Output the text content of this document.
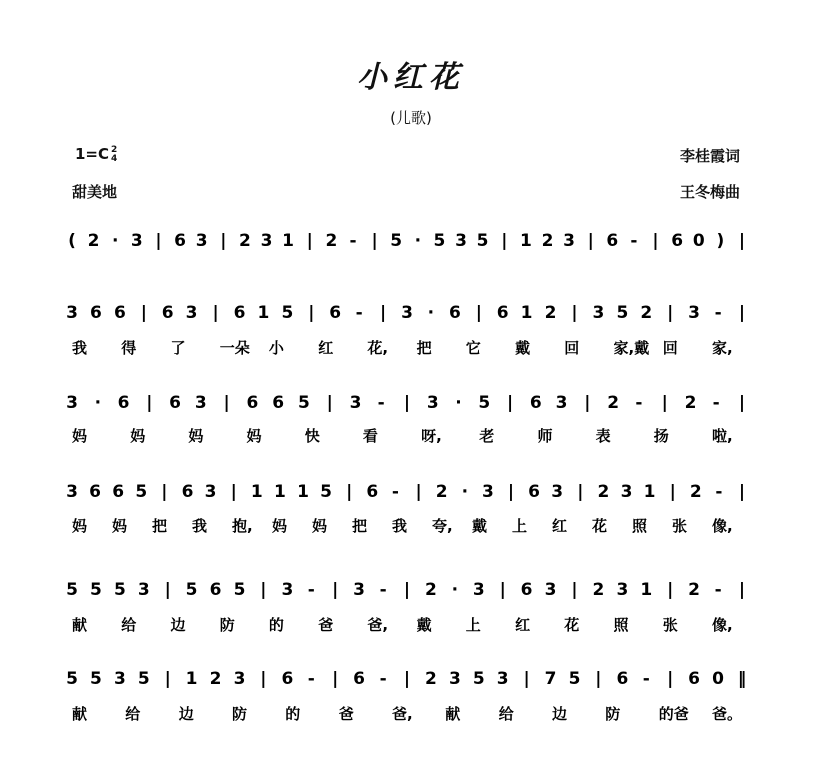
小红花
(儿歌)
1=C 2
4	李桂霞词
甜美地	王冬梅曲
( 2 · 3 | 6 3 | 2 3 1 | 2 - | 5 · 5 3 5 | 1 2 3 | 6 - | 6 0 ) |
3 6 6 | 6 3 | 6 1 5 | 6 - | 3 · 6 | 6 1 2 | 3 5 2 | 3 - |
我 得 了 一朵 小 红 花, 把 它 戴 回 家,戴 回 家,
3 · 6 | 6 3 | 6 6 5 | 3 - | 3 · 5 | 6 3 | 2 - | 2 - |
妈	妈	妈	妈	快	看	呀, 老	师	表	扬	啦,
3 6 6 5 | 6 3 | 1 1 1 5 | 6 - | 2 · 3 | 6 3 | 2 3 1 | 2 - |
妈 妈 把 我 抱, 妈 妈 把 我 夸, 戴 上 红 花 照 张 像,
5 5 5 3 | 5 6 5 | 3 - | 3 - | 2 · 3 | 6 3 | 2 3 1 | 2 - |
献 给 边 防 的 爸 爸, 戴 上 红 花 照 张 像,
5 5 3 5 | 1 2 3 | 6 - | 6 - | 2 3 5 3 | 7 5 | 6 - | 6 0 ‖
献	给	边	防	的	爸	爸, 献	给	边	防	的爸 爸。
